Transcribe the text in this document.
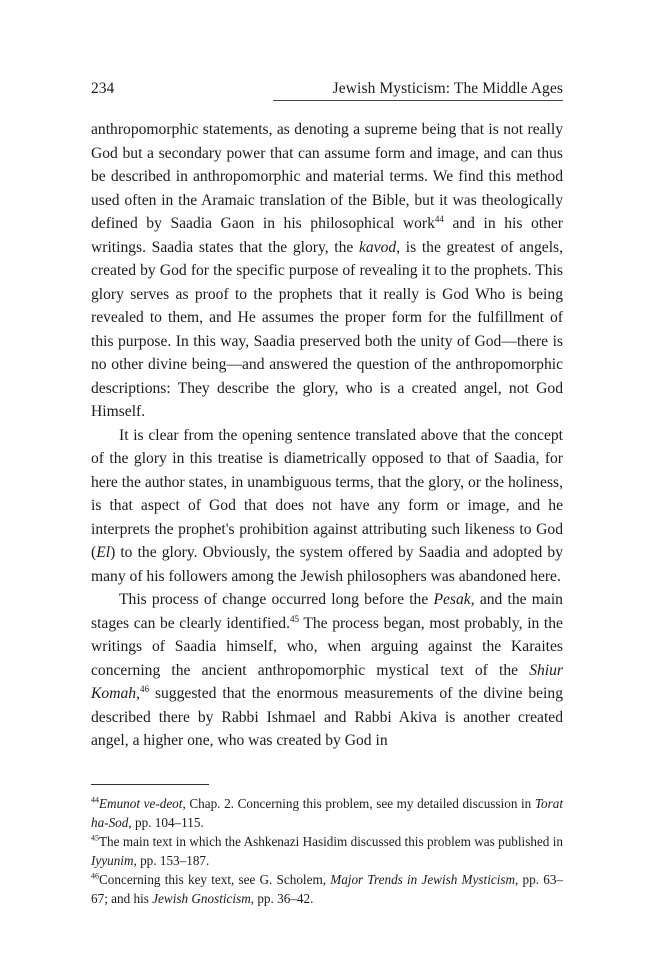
234	Jewish Mysticism: The Middle Ages

anthropomorphic statements, as denoting a supreme being that is not really God but a secondary power that can assume form and image, and can thus be described in anthropomorphic and material terms. We find this method used often in the Aramaic translation of the Bible, but it was theologically defined by Saadia Gaon in his philosophical work$^{44}$ and in his other writings. Saadia states that the glory, the kavod, is the greatest of angels, created by God for the specific purpose of revealing it to the prophets. This glory serves as proof to the prophets that it really is God Who is being revealed to them, and He assumes the proper form for the fulfillment of this purpose. In this way, Saadia preserved both the unity of God—there is no other divine being—and answered the question of the anthropomorphic descriptions: They describe the glory, who is a created angel, not God Himself.

It is clear from the opening sentence translated above that the concept of the glory in this treatise is diametrically opposed to that of Saadia, for here the author states, in unambiguous terms, that the glory, or the holiness, is that aspect of God that does not have any form or image, and he interprets the prophet's prohibition against attributing such likeness to God (El) to the glory. Obviously, the system offered by Saadia and adopted by many of his followers among the Jewish philosophers was abandoned here.

This process of change occurred long before the Pesak, and the main stages can be clearly identified.$^{45}$ The process began, most probably, in the writings of Saadia himself, who, when arguing against the Karaites concerning the ancient anthropomorphic mystical text of the Shiur Komah,$^{46}$ suggested that the enormous measurements of the divine being described there by Rabbi Ishmael and Rabbi Akiva is another created angel, a higher one, who was created by God in

$^{44}$Emunot ve-deot, Chap. 2. Concerning this problem, see my detailed discussion in Torat ha-Sod, pp. 104–115.

$^{45}$The main text in which the Ashkenazi Hasidim discussed this problem was published in Iyyunim, pp. 153–187.

$^{46}$Concerning this key text, see G. Scholem, Major Trends in Jewish Mysticism, pp. 63–67; and his Jewish Gnosticism, pp. 36–42.
